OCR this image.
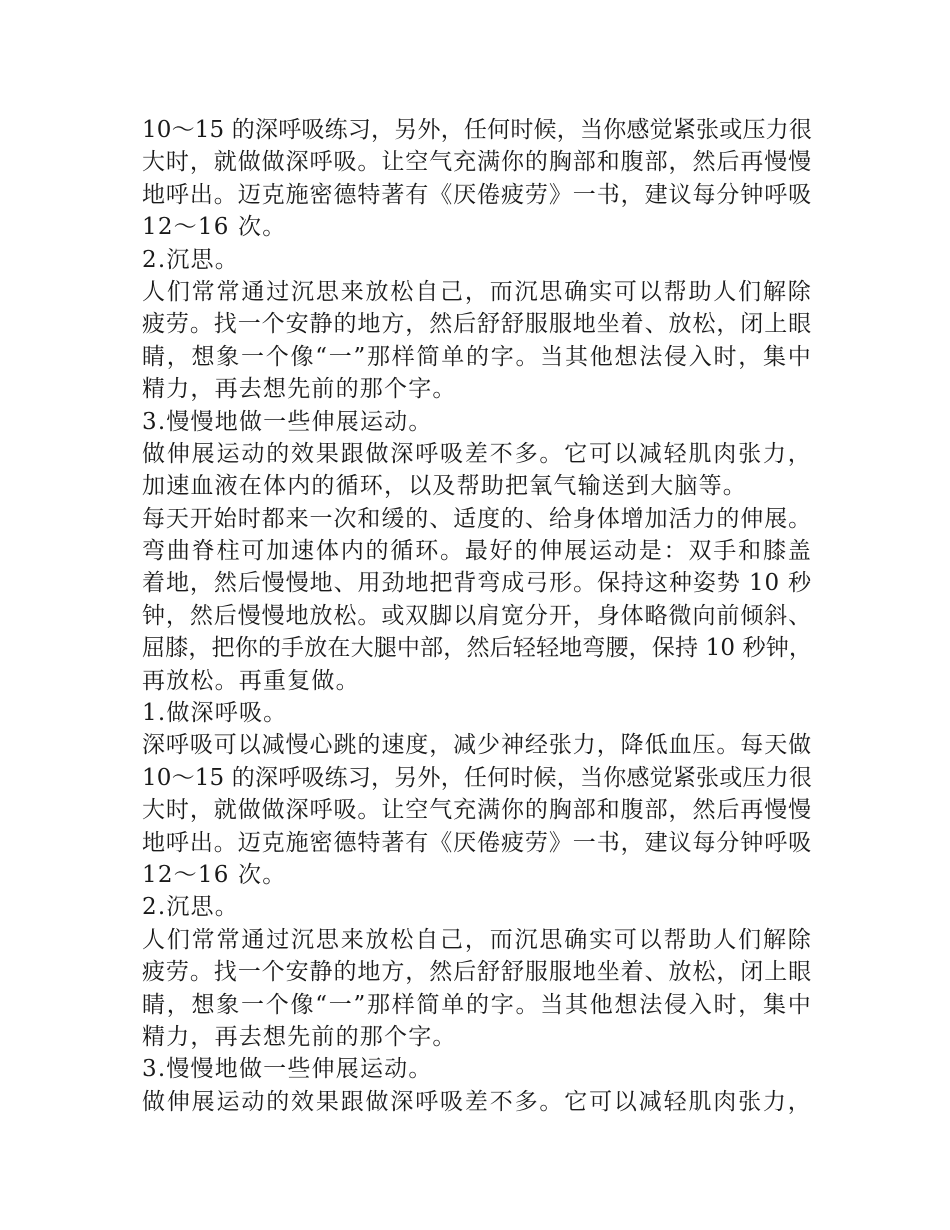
10～15 的深呼吸练习，另外，任何时候，当你感觉紧张或压力很
大时，就做做深呼吸。让空气充满你的胸部和腹部，然后再慢慢
地呼出。迈克施密德特著有《厌倦疲劳》一书，建议每分钟呼吸
12～16 次。
2.沉思。
人们常常通过沉思来放松自己，而沉思确实可以帮助人们解除
疲劳。找一个安静的地方，然后舒舒服服地坐着、放松，闭上眼
睛，想象一个像“一”那样简单的字。当其他想法侵入时，集中
精力，再去想先前的那个字。
3.慢慢地做一些伸展运动。
做伸展运动的效果跟做深呼吸差不多。它可以减轻肌肉张力，
加速血液在体内的循环，以及帮助把氧气输送到大脑等。
每天开始时都来一次和缓的、适度的、给身体增加活力的伸展。
弯曲脊柱可加速体内的循环。最好的伸展运动是：双手和膝盖
着地，然后慢慢地、用劲地把背弯成弓形。保持这种姿势 10 秒
钟，然后慢慢地放松。或双脚以肩宽分开，身体略微向前倾斜、
屈膝，把你的手放在大腿中部，然后轻轻地弯腰，保持 10 秒钟，
再放松。再重复做。
1.做深呼吸。
深呼吸可以减慢心跳的速度，减少神经张力，降低血压。每天做
10～15 的深呼吸练习，另外，任何时候，当你感觉紧张或压力很
大时，就做做深呼吸。让空气充满你的胸部和腹部，然后再慢慢
地呼出。迈克施密德特著有《厌倦疲劳》一书，建议每分钟呼吸
12～16 次。
2.沉思。
人们常常通过沉思来放松自己，而沉思确实可以帮助人们解除
疲劳。找一个安静的地方，然后舒舒服服地坐着、放松，闭上眼
睛，想象一个像“一”那样简单的字。当其他想法侵入时，集中
精力，再去想先前的那个字。
3.慢慢地做一些伸展运动。
做伸展运动的效果跟做深呼吸差不多。它可以减轻肌肉张力，
